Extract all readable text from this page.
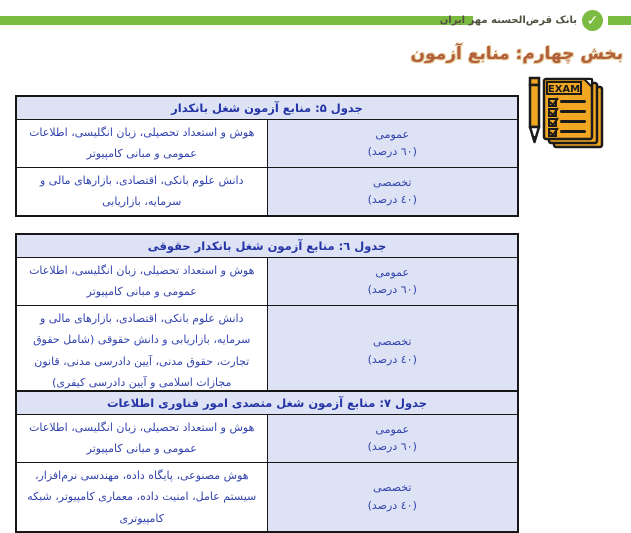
بانک قرض‌الحسنه مهر ایران ✓
بخش چهارم: منابع آزمون
EXAM
جدول ۵: منابع آزمون شغل بانکدار	

عمومی
(٦٠ درصد)	هوش و استعداد تحصیلی، زبان انگلیسی، اطلاعات عمومی و مبانی کامپیوتر

تخصصی
(٤٠ درصد)	دانش علوم بانکی، اقتصادی، بازارهای مالی و سرمایه، بازاریابی
جدول ٦: منابع آزمون شغل بانکدار حقوقی	

عمومی
(٦٠ درصد)	هوش و استعداد تحصیلی، زبان انگلیسی، اطلاعات عمومی و مبانی کامپیوتر

تخصصی
(٤٠ درصد)	دانش علوم بانکی، اقتصادی، بازارهای مالی و سرمایه، بازاریابی و دانش حقوقی (شامل حقوق تجارت، حقوق مدنی، آیین دادرسی مدنی، قانون مجازات اسلامی و آیین دادرسی کیفری)
جدول ٧: منابع آزمون شغل متصدی امور فناوری اطلاعات	

عمومی
(٦٠ درصد)	هوش و استعداد تحصیلی، زبان انگلیسی، اطلاعات عمومی و مبانی کامپیوتر

تخصصی
(٤٠ درصد)	هوش مصنوعی، پایگاه داده، مهندسی نرم‌افزار، سیستم عامل، امنیت داده، معماری کامپیوتر، شبکه کامپیوتری
